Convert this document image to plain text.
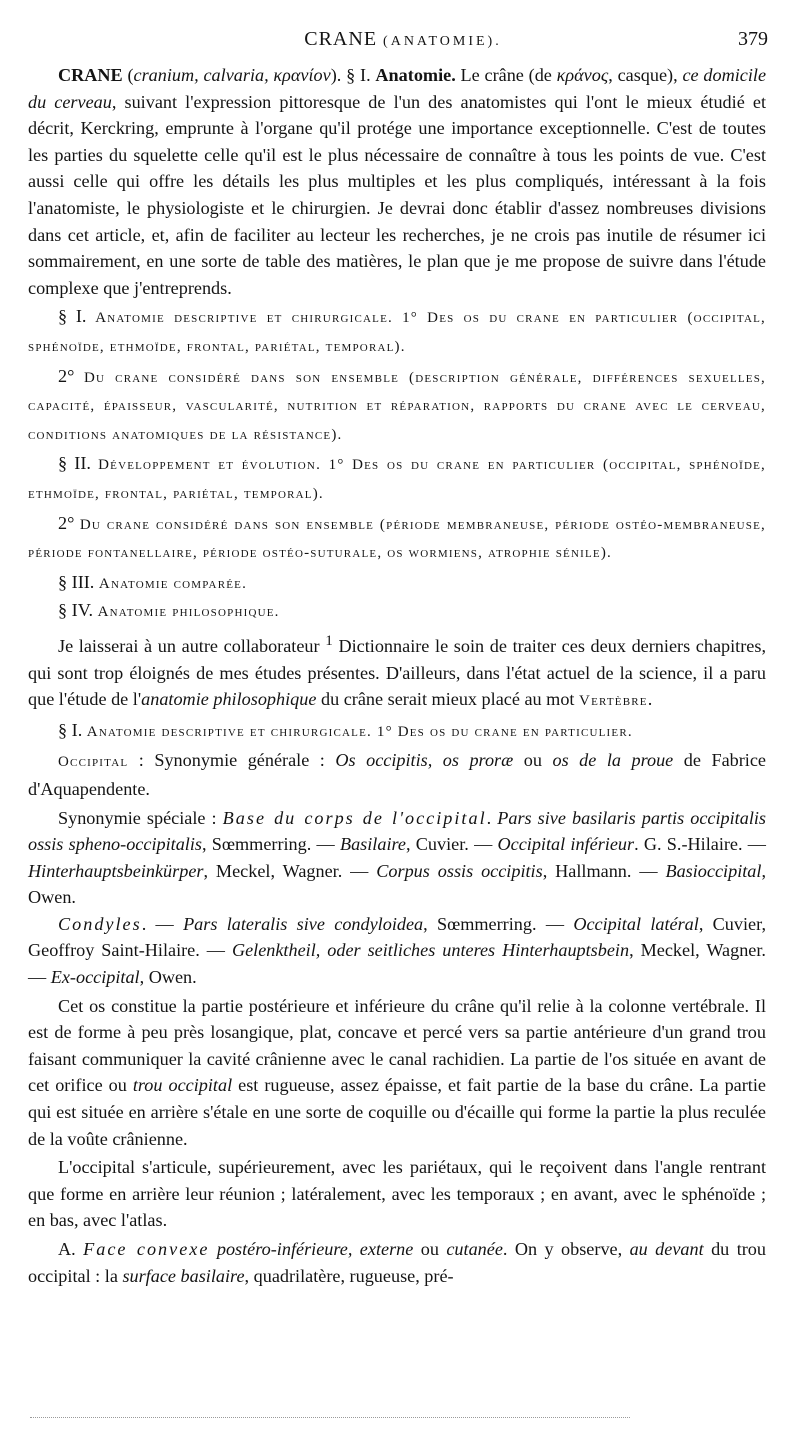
CRANE (ANATOMIE).	379

CRANE (cranium, calvaria, κρανίον). § I. Anatomie. Le crâne (de κράνος, casque), ce domicile du cerveau, suivant l'expression pittoresque de l'un des anatomistes qui l'ont le mieux étudié et décrit, Kerckring, emprunte à l'organe qu'il protége une importance exceptionnelle. C'est de toutes les parties du squelette celle qu'il est le plus nécessaire de connaître à tous les points de vue. C'est aussi celle qui offre les détails les plus multiples et les plus compliqués, intéressant à la fois l'anatomiste, le physiologiste et le chirurgien. Je devrai donc établir d'assez nombreuses divisions dans cet article, et, afin de faciliter au lecteur les recherches, je ne crois pas inutile de résumer ici sommairement, en une sorte de table des matières, le plan que je me propose de suivre dans l'étude complexe que j'entreprends.

§ I. Anatomie descriptive et chirurgicale. 1° Des os du crane en particulier (occipital, sphénoïde, ethmoïde, frontal, pariétal, temporal).

2° Du crane considéré dans son ensemble (description générale, différences sexuelles, capacité, épaisseur, vascularité, nutrition et réparation, rapports du crane avec le cerveau, conditions anatomiques de la résistance).

§ II. Développement et évolution. 1° Des os du crane en particulier (occipital, sphénoïde, ethmoïde, frontal, pariétal, temporal).

2° Du crane considéré dans son ensemble (période membraneuse, période ostéo-membraneuse, période fontanellaire, période ostéo-suturale, os wormiens, atrophie sénile).

§ III. Anatomie comparée.

§ IV. Anatomie philosophique.

Je laisserai à un autre collaborateur $^1$ Dictionnaire le soin de traiter ces deux derniers chapitres, qui sont trop éloignés de mes études présentes. D'ailleurs, dans l'état actuel de la science, il a paru que l'étude de l'anatomie philosophique du crâne serait mieux placé au mot Vertèbre.

§ I. Anatomie descriptive et chirurgicale. 1° Des os du crane en particulier.

Occipital : Synonymie générale : Os occipitis, os proræ ou os de la proue de Fabrice d'Aquapendente.

Synonymie spéciale : Base du corps de l'occipital. Pars sive basilaris partis occipitalis ossis spheno-occipitalis, Sœmmerring. — Basilaire, Cuvier. — Occipital inférieur. G. S.-Hilaire. — Hinterhauptsbeinkürper, Meckel, Wagner. — Corpus ossis occipitis, Hallmann. — Basioccipital, Owen.

Condyles. — Pars lateralis sive condyloidea, Sœmmerring. — Occipital latéral, Cuvier, Geoffroy Saint-Hilaire. — Gelenktheil, oder seitliches unteres Hinterhauptsbein, Meckel, Wagner. — Ex-occipital, Owen.

Cet os constitue la partie postérieure et inférieure du crâne qu'il relie à la colonne vertébrale. Il est de forme à peu près losangique, plat, concave et percé vers sa partie antérieure d'un grand trou faisant communiquer la cavité crânienne avec le canal rachidien. La partie de l'os située en avant de cet orifice ou trou occipital est rugueuse, assez épaisse, et fait partie de la base du crâne. La partie qui est située en arrière s'étale en une sorte de coquille ou d'écaille qui forme la partie la plus reculée de la voûte crânienne.

L'occipital s'articule, supérieurement, avec les pariétaux, qui le reçoivent dans l'angle rentrant que forme en arrière leur réunion ; latéralement, avec les temporaux ; en avant, avec le sphénoïde ; en bas, avec l'atlas.

A. Face convexe postéro-inférieure, externe ou cutanée. On y observe, au devant du trou occipital : la surface basilaire, quadrilatère, rugueuse, pré-
